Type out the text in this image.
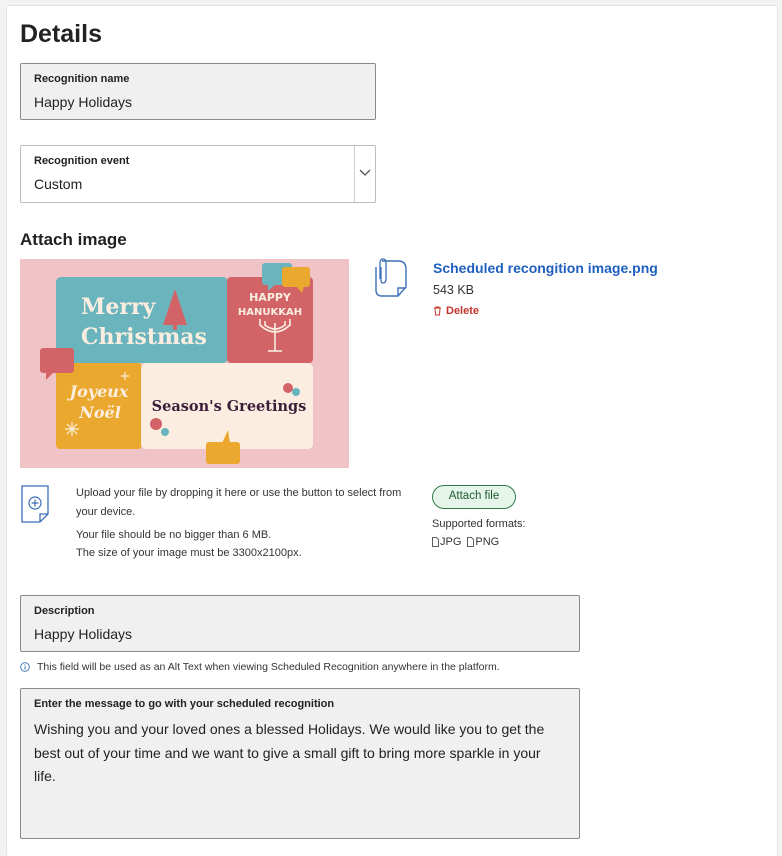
Details
Recognition name
Happy Holidays
Recognition event
Custom
Attach image
Merry
Christmas
HAPPY
HANUKKAH
Joyeux
Noël Season's Greetings
Scheduled recongition image.png
543 KB
Delete
Upload your file by dropping it here or use the button to select from your device.
Your file should be no bigger than 6 MB.
The size of your image must be 3300x2100px.
Attach file
Supported formats:
JPG PNG
Description
Happy Holidays
This field will be used as an Alt Text when viewing Scheduled Recognition anywhere in the platform.
Enter the message to go with your scheduled recognition
Wishing you and your loved ones a blessed Holidays. We would like you to get the best out of your time and we want to give a small gift to bring more sparkle in your life.
